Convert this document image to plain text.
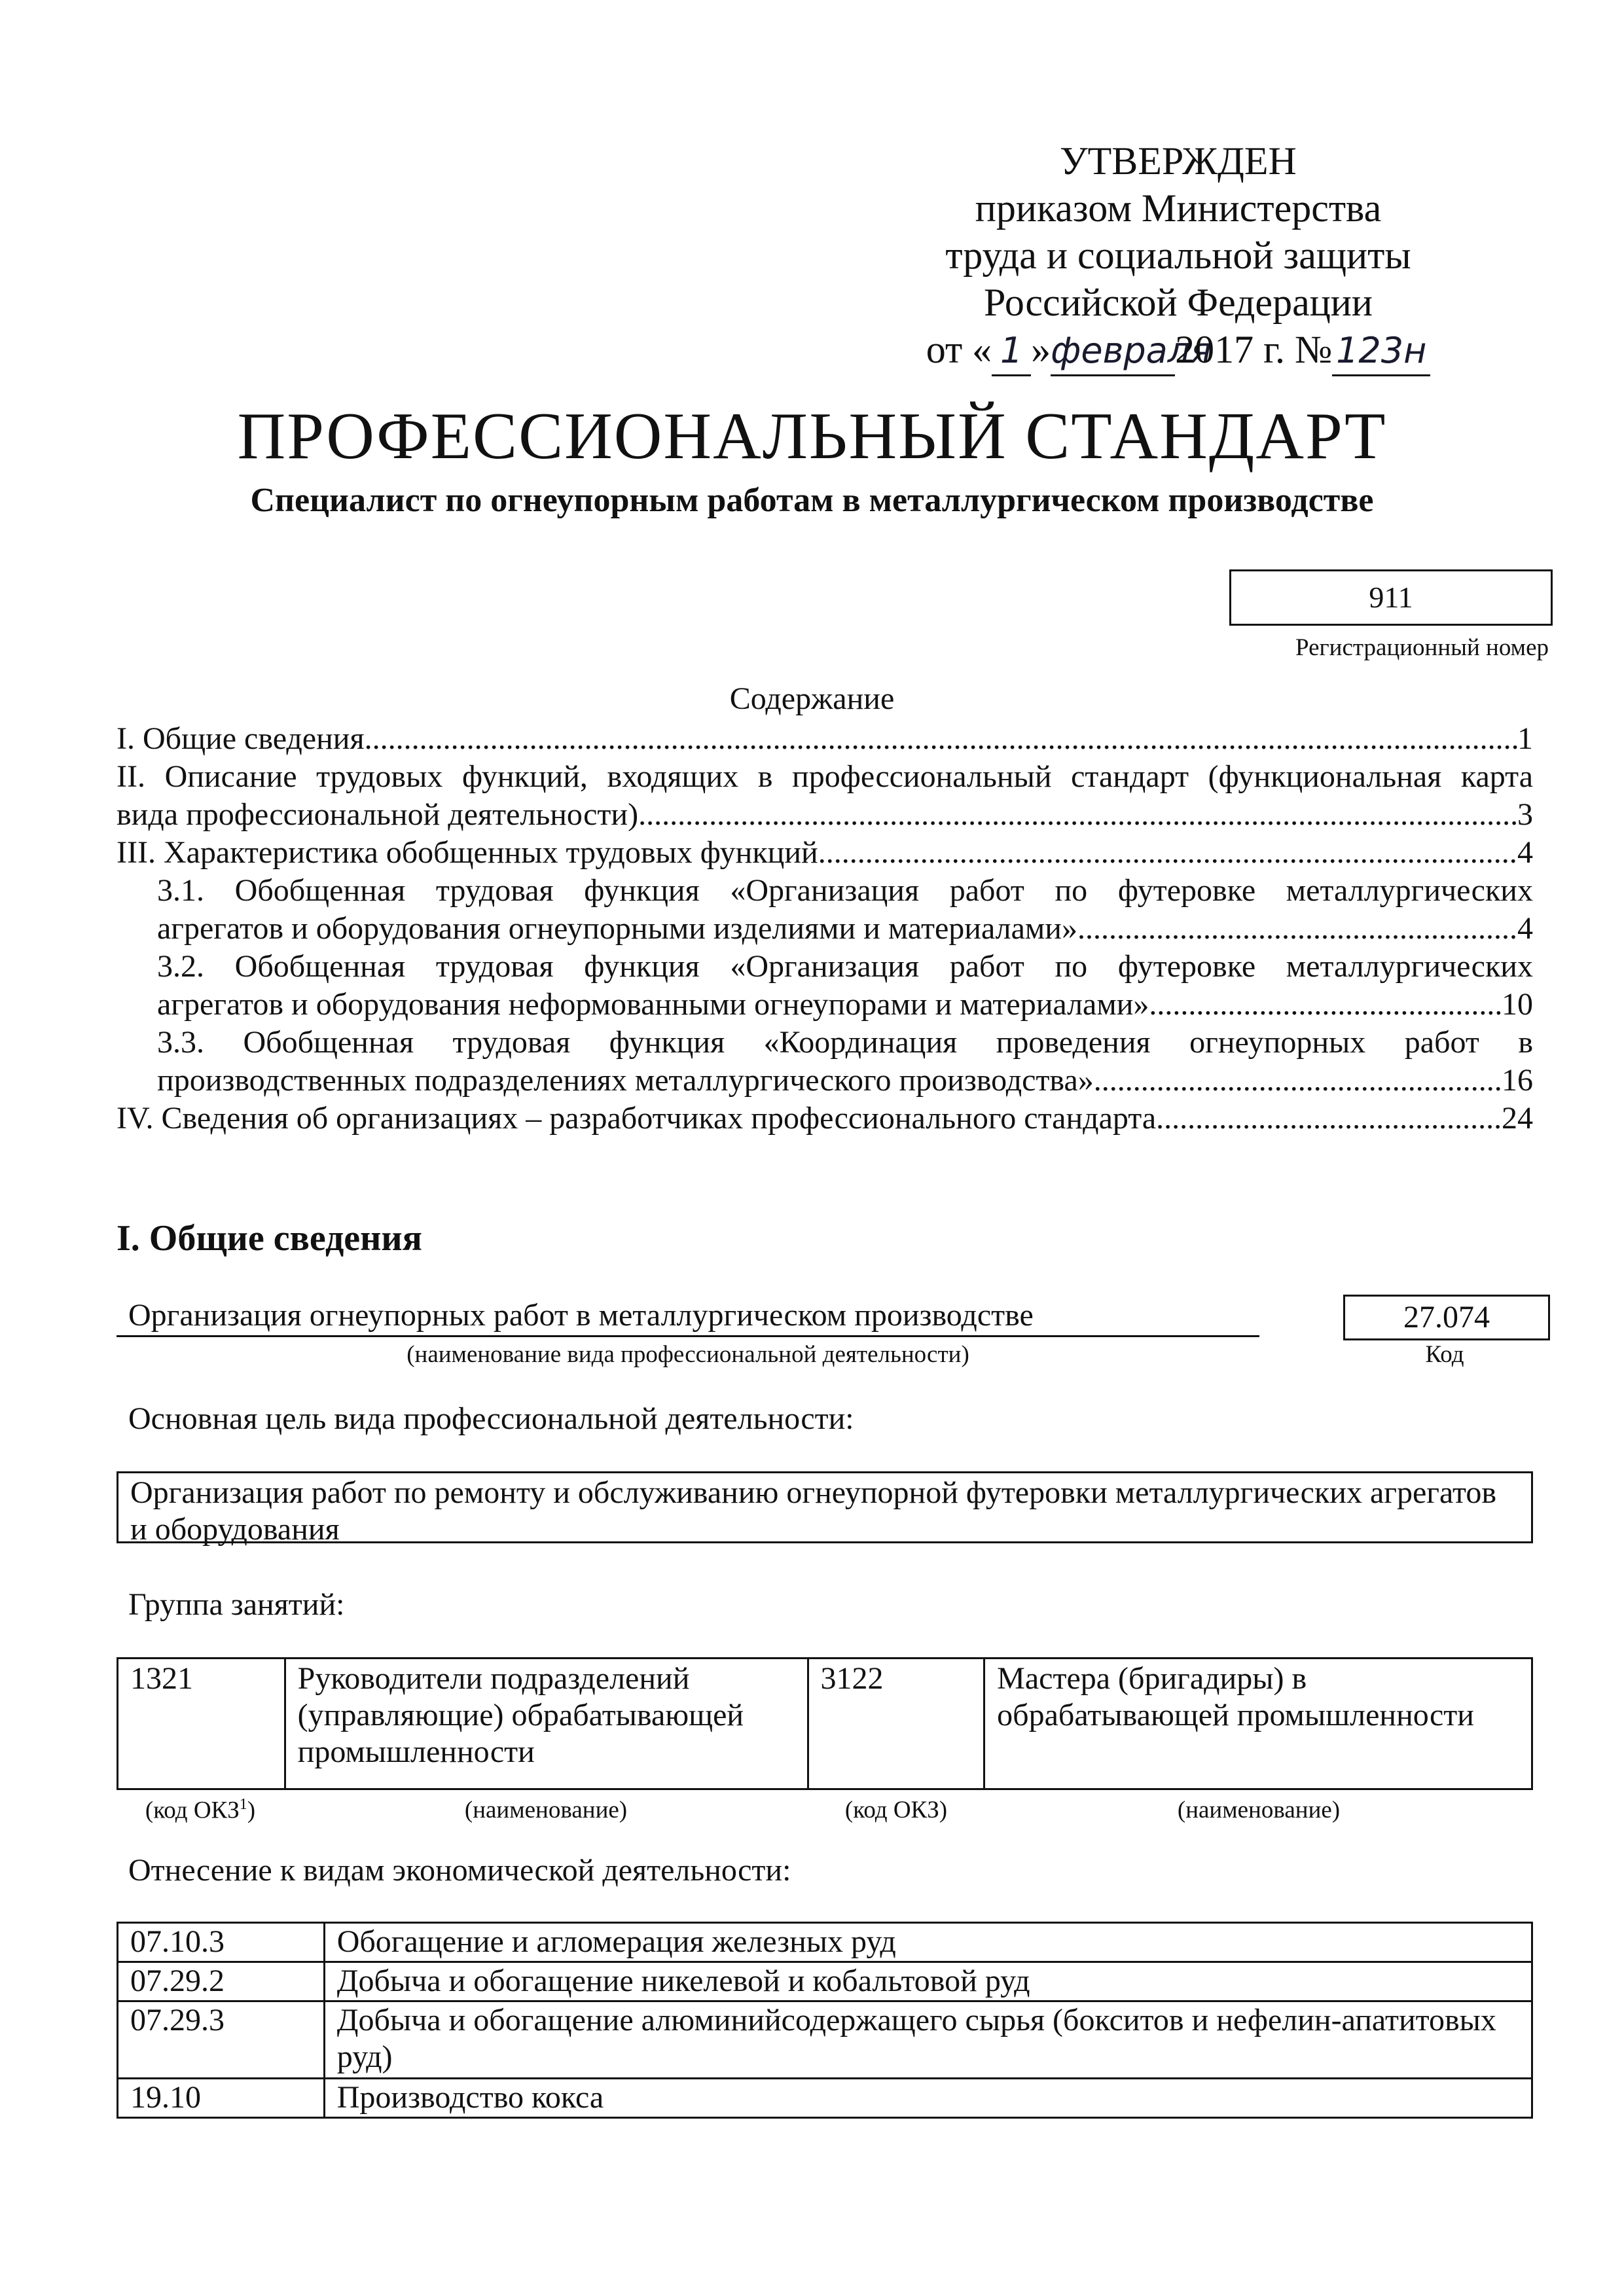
УТВЕРЖДЕН
приказом Министерства
труда и социальной защиты
Российской Федерации
от « 1 »февраля2017 г. № 123н
ПРОФЕССИОНАЛЬНЫЙ СТАНДАРТ
Специалист по огнеупорным работам в металлургическом производстве
911
Регистрационный номер
Содержание
I. Общие сведения .....	1
II. Описание трудовых функций, входящих в профессиональный стандарт (функциональная карта
вида профессиональной деятельности) .....	3
III. Характеристика обобщенных трудовых функций .....	4
3.1. Обобщенная трудовая функция «Организация работ по футеровке металлургических
агрегатов и оборудования огнеупорными изделиями и материалами» .....	4
3.2. Обобщенная трудовая функция «Организация работ по футеровке металлургических
агрегатов и оборудования неформованными огнеупорами и материалами» .....	10
3.3. Обобщенная трудовая функция «Координация проведения огнеупорных работ в
производственных подразделениях металлургического производства» .....	16
IV. Сведения об организациях – разработчиках профессионального стандарта .....	24
I. Общие сведения
Организация огнеупорных работ в металлургическом производстве
(наименование вида профессиональной деятельности)
27.074
Код
Основная цель вида профессиональной деятельности:
Организация работ по ремонту и обслуживанию огнеупорной футеровки металлургических агрегатов и оборудования
Группа занятий:
1321	Руководители подразделений (управляющие) обрабатывающей промышленности	3122	Мастера (бригадиры) в обрабатывающей промышленности
(код ОКЗ$^1$)	(наименование)	(код ОКЗ)	(наименование)
Отнесение к видам экономической деятельности:
07.10.3	Обогащение и агломерация железных руд
07.29.2	Добыча и обогащение никелевой и кобальтовой руд
07.29.3	Добыча и обогащение алюминийсодержащего сырья (бокситов и нефелин-апатитовых руд)
19.10	Производство кокса
